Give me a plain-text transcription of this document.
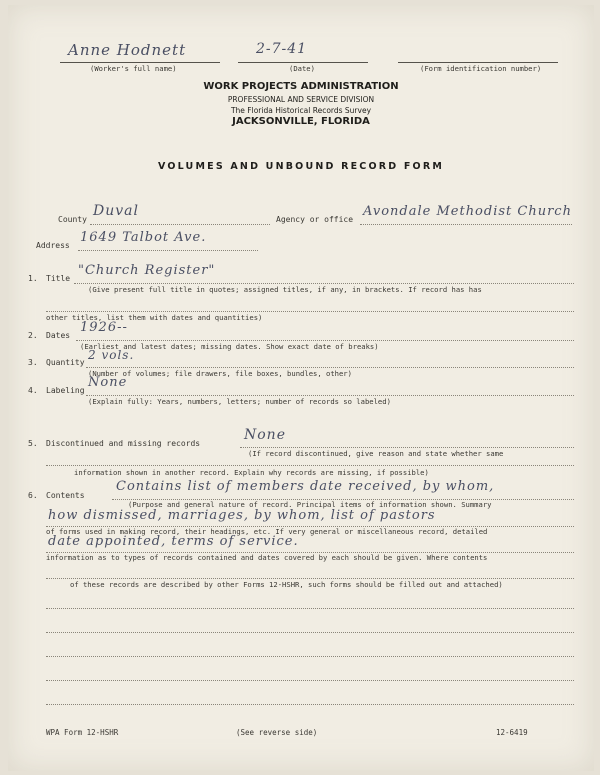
Anne Hodnett	2-7-41
(Worker's full name)	(Date)	(Form identification number)
WORK PROJECTS ADMINISTRATION
PROFESSIONAL AND SERVICE DIVISION
The Florida Historical Records Survey
JACKSONVILLE, FLORIDA
VOLUMES AND UNBOUND RECORD FORM
County
Duval
Agency or office
Avondale Methodist Church
Address
1649 Talbot Ave.
1. Title
"Church Register"
(Give present full title in quotes; assigned titles, if any, in brackets. If record has has
other titles, list them with dates and quantities)
2. Dates
1926--
(Earliest and latest dates; missing dates. Show exact date of breaks)
3. Quantity
2 vols.
(Number of volumes; file drawers, file boxes, bundles, other)
4. Labeling
None
(Explain fully: Years, numbers, letters; number of records so labeled)
5. Discontinued and missing records
None
(If record discontinued, give reason and state whether same
information shown in another record. Explain why records are missing, if possible)
6. Contents
Contains list of members date received, by whom,
(Purpose and general nature of record. Principal items of information shown. Summary
how dismissed, marriages, by whom, list of pastors
of forms used in making record, their headings, etc. If very general or miscellaneous record, detailed
date appointed, terms of service.
information as to types of records contained and dates covered by each should be given. Where contents
of these records are described by other Forms 12-HSHR, such forms should be filled out and attached)
WPA Form 12-HSHR	(See reverse side)	12-6419
